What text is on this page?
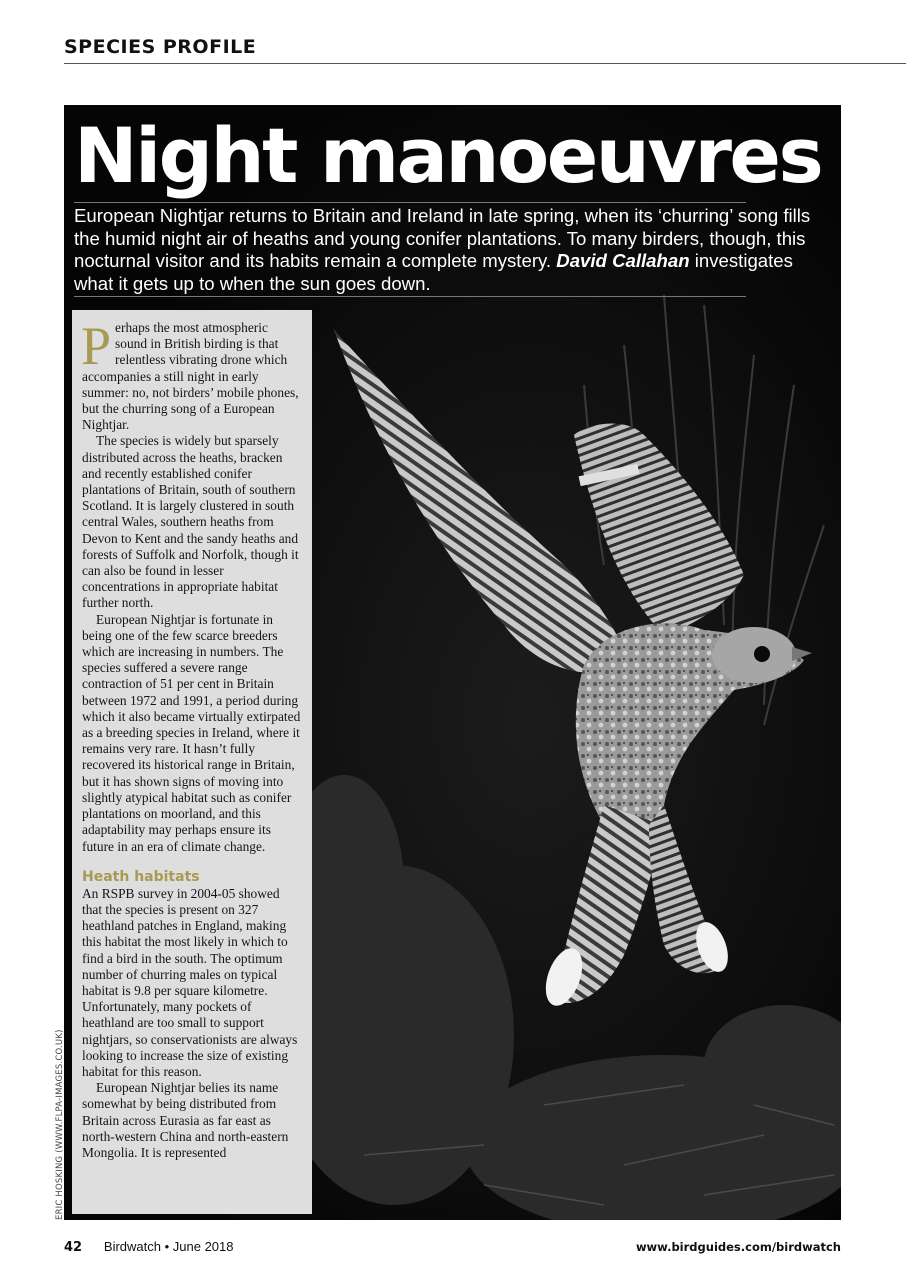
SPECIES PROFILE
Night manoeuvres
European Nightjar returns to Britain and Ireland in late spring, when its ‘churring’ song fills the humid night air of heaths and young conifer plantations. To many birders, though, this nocturnal visitor and its habits remain a complete mystery. David Callahan investigates what it gets up to when the sun goes down.

Perhaps the most atmospheric sound in British birding is that relentless vibrating drone which accompanies a still night in early summer: no, not birders’ mobile phones, but the churring song of a European Nightjar.

The species is widely but sparsely distributed across the heaths, bracken and recently established conifer plantations of Britain, south of southern Scotland. It is largely clustered in south central Wales, southern heaths from Devon to Kent and the sandy heaths and forests of Suffolk and Norfolk, though it can also be found in lesser concentrations in appropriate habitat further north.

European Nightjar is fortunate in being one of the few scarce breeders which are increasing in numbers. The species suffered a severe range contraction of 51 per cent in Britain between 1972 and 1991, a period during which it also became virtually extirpated as a breeding species in Ireland, where it remains very rare. It hasn’t fully recovered its historical range in Britain, but it has shown signs of moving into slightly atypical habitat such as conifer plantations on moorland, and this adaptability may perhaps ensure its future in an era of climate change.

Heath habitats

An RSPB survey in 2004-05 showed that the species is present on 327 heathland patches in England, making this habitat the most likely in which to find a bird in the south. The optimum number of churring males on typical habitat is 9.8 per square kilometre. Unfortunately, many pockets of heathland are too small to support nightjars, so conservationists are always looking to increase the size of existing habitat for this reason.

European Nightjar belies its name somewhat by being distributed from Britain across Eurasia as far east as north-western China and north-eastern Mongolia. It is represented

ERIC HOSKING (WWW.FLPA-IMAGES.CO.UK)
42 Birdwatch • June 2018	www.birdguides.com/birdwatch
